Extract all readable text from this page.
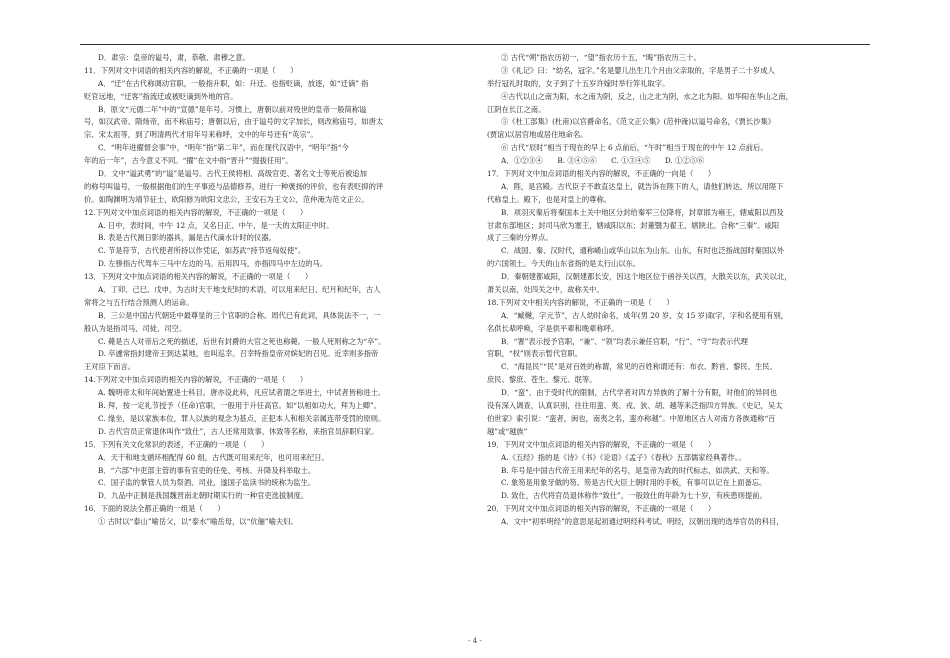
D．肃宗：皇帝的谥号，肃，恭敬、肃穆之意。
11．下列对文中词语的相关内容的解说，不正确的一项是（　　）
A．“迁”在古代称调动官职，一般指升职，如：升迁。也指贬谪，放逐，如“迁谪” 指
贬官远地，“迁客”指流迁或被贬谪到外地的官。
B．原文“元德二年”中的“宣德”是年号。习惯上，唐朝以前对殁世的皇帝一般简称谥
号，如汉武帝、隋炀帝，而不称庙号；唐朝以后，由于谥号的文字加长，则改称庙号，如唐太
宗、宋太祖等，到了明清两代才用年号来称呼，文中的年号还有“英宗”。
C．“明年进擢督会事”中，“明年”指“第二年”，而在现代汉语中，“明年”指“今
年的后一年”，古今意义不同。“擢”在文中指“晋升”“提拔任用”。
D．文中“谥武勇”的“谥”是谥号。古代王侯将相、高级官吏、著名文士等死后被追加
的称号叫谥号，一般根据他们的生平事迹与品德修养，进行一种褒扬的评价，也有表贬抑的评
价。如陶渊明为靖节征士，欧阳修为欧阳文忠公，王安石为王文公，范仲淹为范文正公。
12.下列对文中加点词语的相关内容的解说，不正确的一项是（　　）
A. 日中，表时间，中午 12 点，又名日正、中午，是一天的太阳正中时。
B. 表是古代测日影的器具，漏是古代滴水计时的仪器。
C. 节是符节，古代使者所持以作凭证，如苏武“持节返匈奴使”。
D. 左骖指古代驾车三马中左边的马。后用四马，亦指四马中左边的马。
13．下列对文中加点词语的相关内容的解说，不正确的一项是（　　）
A．丁卯、己巳、戊申，为古时天干地支纪时的术语，可以用来纪日、纪月和纪年，古人
常将之与五行结合预测人的运命。
B．三公是中国古代朝廷中最尊显的三个官职的合称。周代已有此词，具体说法不一，一
般认为是指司马、司徒、司空。
C. 薨是古人对帝后之死的描述，后世有封爵的大官之死也称薨。一般人死则称之为“卒”。
D. 卒遽常指封建帝王到达某地，也叫巡幸。召幸特指皇帝对嫔妃的召见。近幸则多指帝
王对臣下而言。
14.下列对文中加点词语的相关内容的解说，不正确的一项是（　　）
A. 魏明帝太和年间始置进士科目。唐亦设此科，凡应试者谓之举进士，中试者皆称进士。
B. 拜，按一定礼节授予（任命)官职，一般用于升任高官。如“以相如功大，拜为上卿”。
C. 缘坐，是以家族本位，罪人以族的观念为基点，正犯本人和相关亲属连带受罚的原则。
D. 古代官员正常退休叫作“致仕”，古人还常用致事、休致等名称，来指官员辞职归家。
15．下列有关文化常识的表述，不正确的一项是（　　）
A．天干和地支循环相配得 60 组，古代既可用来纪年，也可用来纪日。
B．“六部”中吏部主管的事有官吏的任免、考核、升降及科举取士。
C．国子监的掌管人员为祭酒、司业，遂国子监读书的统称为监生。
D．九品中正制是我国魏晋南北朝时期实行的一种官吏选拔制度。
16．下面的说法全都正确的一组是（　　）
① 古时以“泰山”喻岳父，以“泰水”喻岳母，以“伉俪”喻夫妇。
② 古代“朔”指农历初一，“望”指农历十五，“晦”指农历三十。
③《礼记》曰：“幼名，冠字。”名是婴儿出生几个月由父亲取的，字是男子二十岁成人
举行冠礼时取的，女子到了十五岁许嫁时举行笄礼取字。
④古代以山之南为阳，水之南为阴，反之，山之北为阴，水之北为阳。如华阳在华山之南，
江阴在长江之南。
⑤《杜工部集》(杜甫)以官爵命名，《范文正公集》(范仲淹)以谥号命名，《贾长沙集》
(贾谊)以居官地或居住地命名。
⑥ 古代“辰时”相当于现在的早上 6 点前后，“午时”相当于现在的中午 12 点前后。
A．①②③④　　B. ③④⑤⑥　　C. ①③④⑤　　D. ①②⑤⑥
17．下列对文中加点词语的相关内容的解说，不正确的一向是（　　）
A．陛，是宫殿。古代臣子不敢直达皇上，就告诉在陛下的人，请他们转达，所以用陛下
代称皇上。殿下，也是对皇上的尊称。
B．项羽灭秦后将秦国本土关中地区分封给秦军三位降将，封章邯为雍王，辖咸阳以西及
甘肃东部地区；封司马欣为塞王，辖咸阳以东；封董翳为翟王，辖陕北。合称“三秦”。咸阳
成了三秦的分界点。
C．战国、秦、汉时代，通称崤山或华山以东为山东。山东，有时也泛指战国时秦国以外
的六国领土。今天的山东省指的是太行山以东。
D．秦朝建都咸阳，汉朝建都长安，因这个地区位于函谷关以西，大散关以东，武关以北，
萧关以南，处四关之中，故称关中。
18.下列对文中相关内容的解说，不正确的一项是（　　）
A．“臧樾，字元节”，古人幼时命名，成年(男 20 岁、女 15 岁)取字，字和名使用有别，
名供长辈呼唤，字是供平辈和晚辈称呼。
B．“署”表示授予官职，“兼”、“领”均表示兼任官职，“行”、“守”均表示代理
官职，“权”则表示暂代官职。
C．“海昆民”“民”是对百姓的称谓，常见的百姓称谓还有：布衣、黔首、黎民、生民、
庶民、黎庶、苍生、黎元、氓等。
D．“蛮”，由于受时代的限制，古代学者对四方异族的了解十分有限，对他们的异同也
没有深入调查，认真识别，往往用蛮、夷、戎、狄、胡、越等来泛指四方异族。《史记，吴太
伯世家》索引说：“蛮者，闽也，南夷之名，蛮亦称越”。中原地区古人对南方各族通称“百
越”或“越族”
19．下列对文中加点词语的相关内容的解说，不正确的一项是（　　）
A.《五经》指的是《诗》《书》《论语》《孟子》《春秋》五部儒家经典著作。。
B. 年号是中国古代帝王用来纪年的名号，是皇帝为政的时代标志，如洪武、天和等。
C. 象笏是用象牙做的笏。笏是古代大臣上朝时用的手板，有事可以记在上面备忘。
D. 致仕，古代将官员退休称作“致仕”，一般致仕的年龄为七十岁，有疾患则提前。
20．下列对文中加点词语的相关内容的解说，不正确的一项是（　　）
A．文中“初举明经”的意思是起初通过明经科考试。明经，汉朝出现的选举官员的科目，
- 4 -
